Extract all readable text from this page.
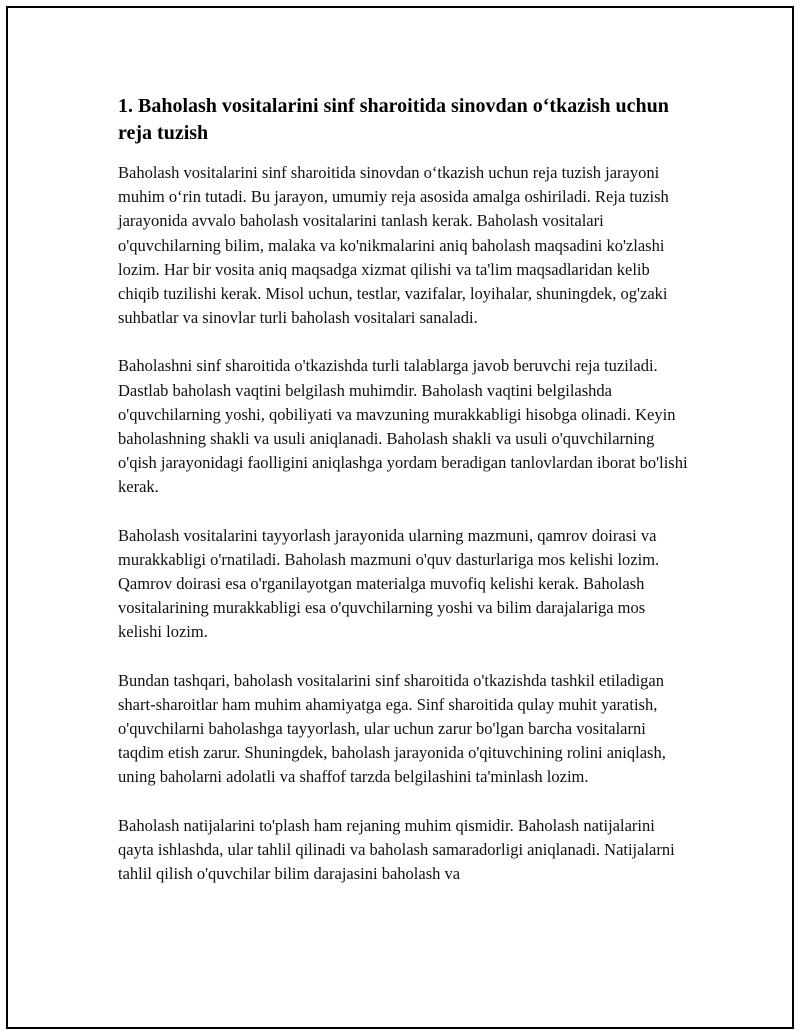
1. Baholash vositalarini sinf sharoitida sinovdan o‘tkazish uchun reja tuzish

Baholash vositalarini sinf sharoitida sinovdan o‘tkazish uchun reja tuzish jarayoni muhim o‘rin tutadi. Bu jarayon, umumiy reja asosida amalga oshiriladi. Reja tuzish jarayonida avvalo baholash vositalarini tanlash kerak. Baholash vositalari o'quvchilarning bilim, malaka va ko'nikmalarini aniq baholash maqsadini ko'zlashi lozim. Har bir vosita aniq maqsadga xizmat qilishi va ta'lim maqsadlaridan kelib chiqib tuzilishi kerak. Misol uchun, testlar, vazifalar, loyihalar, shuningdek, og'zaki suhbatlar va sinovlar turli baholash vositalari sanaladi.

Baholashni sinf sharoitida o'tkazishda turli talablarga javob beruvchi reja tuziladi. Dastlab baholash vaqtini belgilash muhimdir. Baholash vaqtini belgilashda o'quvchilarning yoshi, qobiliyati va mavzuning murakkabligi hisobga olinadi. Keyin baholashning shakli va usuli aniqlanadi. Baholash shakli va usuli o'quvchilarning o'qish jarayonidagi faolligini aniqlashga yordam beradigan tanlovlardan iborat bo'lishi kerak.

Baholash vositalarini tayyorlash jarayonida ularning mazmuni, qamrov doirasi va murakkabligi o'rnatiladi. Baholash mazmuni o'quv dasturlariga mos kelishi lozim. Qamrov doirasi esa o'rganilayotgan materialga muvofiq kelishi kerak. Baholash vositalarining murakkabligi esa o'quvchilarning yoshi va bilim darajalariga mos kelishi lozim.

Bundan tashqari, baholash vositalarini sinf sharoitida o'tkazishda tashkil etiladigan shart-sharoitlar ham muhim ahamiyatga ega. Sinf sharoitida qulay muhit yaratish, o'quvchilarni baholashga tayyorlash, ular uchun zarur bo'lgan barcha vositalarni taqdim etish zarur. Shuningdek, baholash jarayonida o'qituvchining rolini aniqlash, uning baholarni adolatli va shaffof tarzda belgilashini ta'minlash lozim.

Baholash natijalarini to'plash ham rejaning muhim qismidir. Baholash natijalarini qayta ishlashda, ular tahlil qilinadi va baholash samaradorligi aniqlanadi. Natijalarni tahlil qilish o'quvchilar bilim darajasini baholash va
